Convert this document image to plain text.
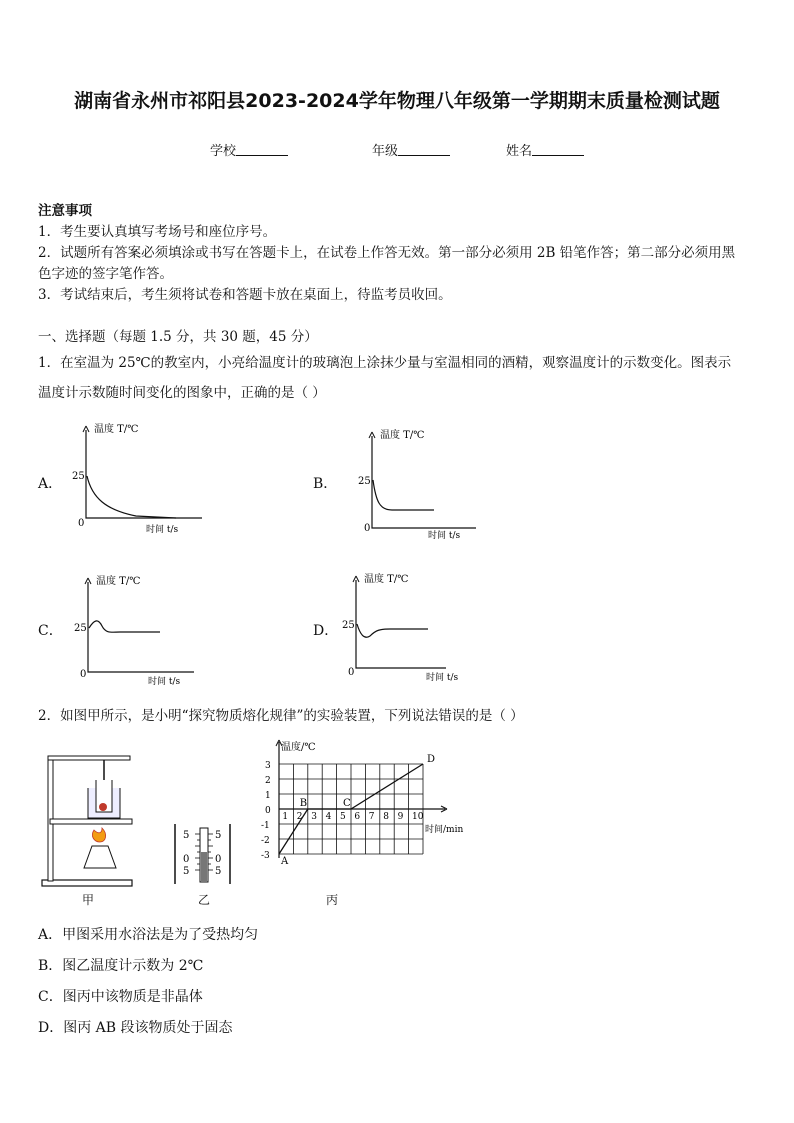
湖南省永州市祁阳县2023-2024学年物理八年级第一学期期末质量检测试题
学校	年级	姓名
注意事项
1．考生要认真填写考场号和座位序号。
2．试题所有答案必须填涂或书写在答题卡上，在试卷上作答无效。第一部分必须用 2B 铅笔作答；第二部分必须用黑
色字迹的签字笔作答。
3．考试结束后，考生须将试卷和答题卡放在桌面上，待监考员收回。
一、选择题（每题 1.5 分，共 30 题，45 分）
1．在室温为 25℃的教室内，小亮给温度计的玻璃泡上涂抹少量与室温相同的酒精，观察温度计的示数变化。图表示
温度计示数随时间变化的图象中，正确的是（ ）
A．
温度 T/℃
25
0
时间 t/s
B．
温度 T/℃
25
0
时间 t/s
C．
温度 T/℃
25
0
时间 t/s
D．
温度 T/℃
25
0	时间 t/s
2．如图甲所示，是小明“探究物质熔化规律”的实验装置，下列说法错误的是（ ）
甲
5
0
5
5
0
5
乙
温度/℃
时间/min
3
2
1
0
-1
-2
-3
1 2 3 4 5 6 7 8 9 10
A
B	C
D
丙
A．甲图采用水浴法是为了受热均匀
B．图乙温度计示数为 2℃
C．图丙中该物质是非晶体
D．图丙 AB 段该物质处于固态
